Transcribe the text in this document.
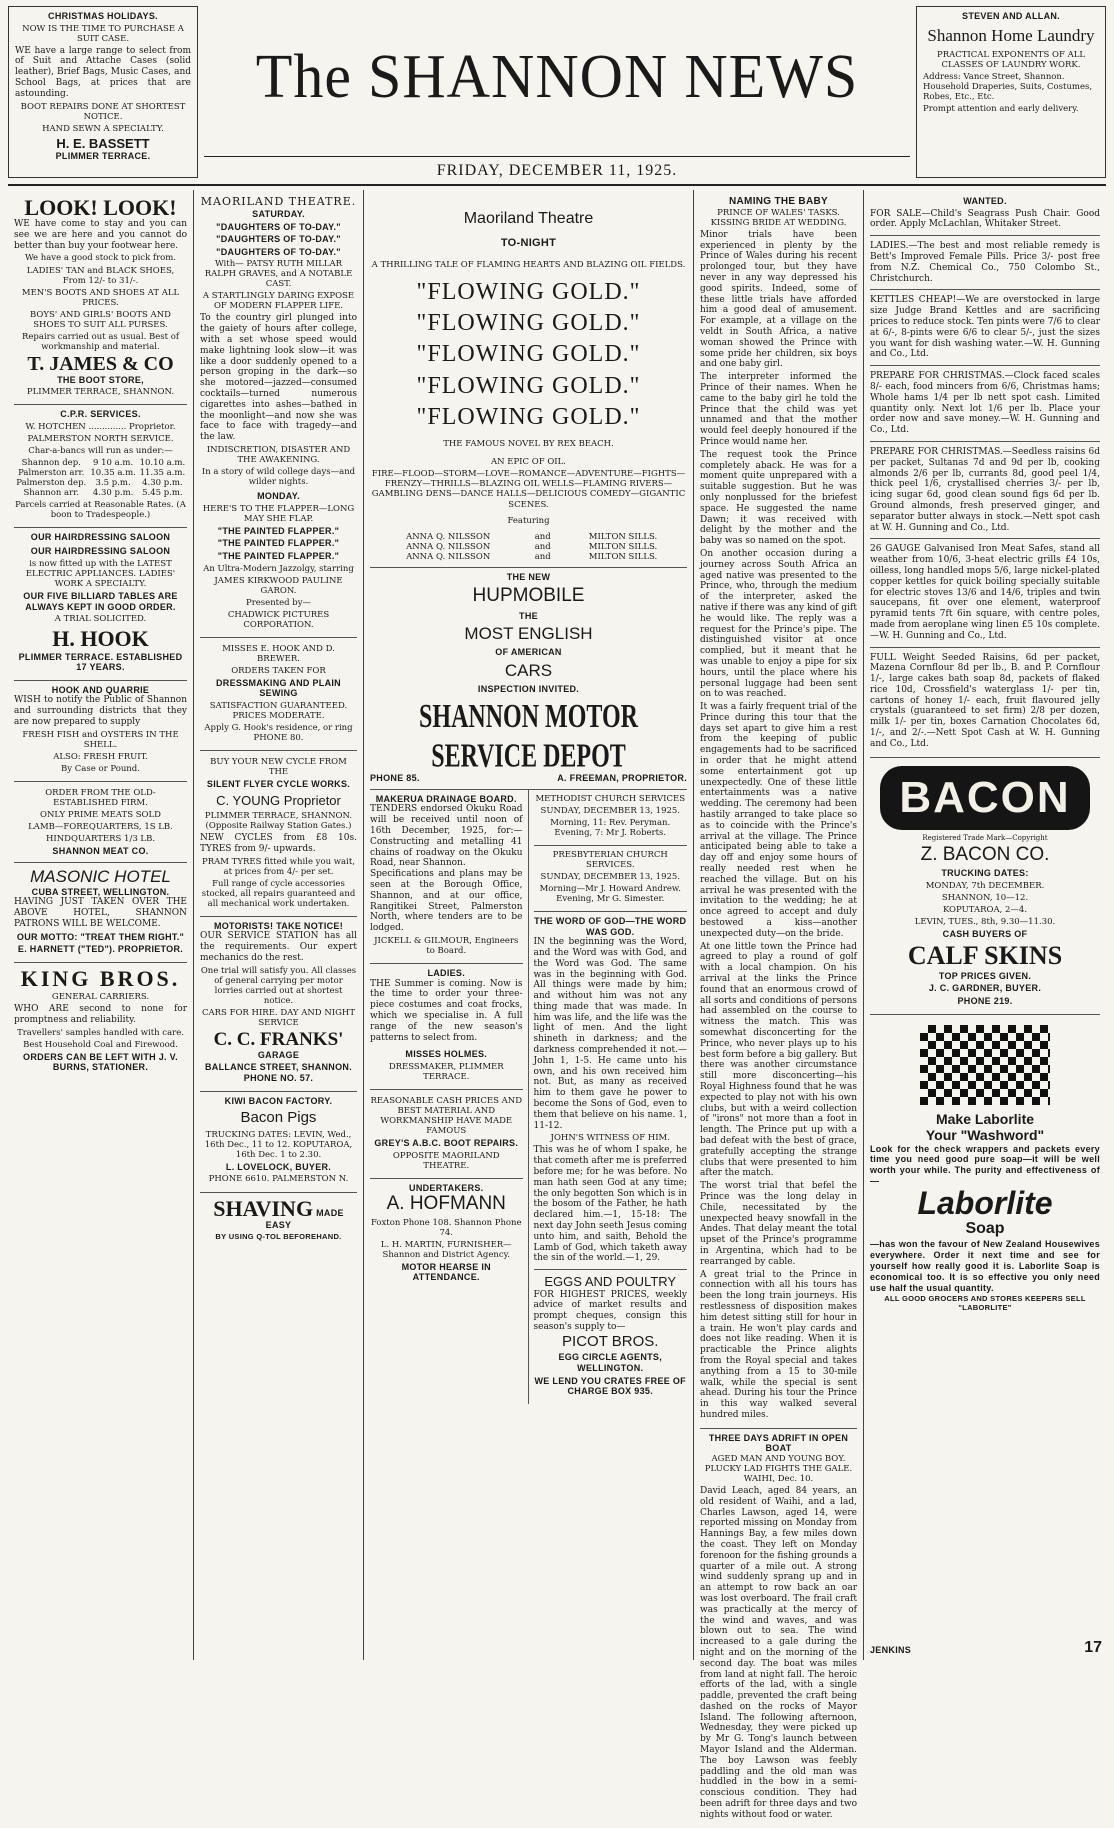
CHRISTMAS HOLIDAYS.
NOW IS THE TIME TO PURCHASE A SUIT CASE.
WE have a large range to select from of Suit and Attache Cases (solid leather), Brief Bags, Music Cases, and School Bags, at prices that are astounding.
BOOT REPAIRS DONE AT SHORTEST NOTICE.
HAND SEWN A SPECIALTY.
H. E. BASSETT
PLIMMER TERRACE.
The SHANNON NEWS
FRIDAY, DECEMBER 11, 1925.
STEVEN AND ALLAN.
Shannon Home Laundry
PRACTICAL EXPONENTS OF ALL CLASSES OF LAUNDRY WORK.
Address: Vance Street, Shannon. Household Draperies, Suits, Costumes, Robes, Etc., Etc.
Prompt attention and early delivery.
LOOK! LOOK!
WE have come to stay and you can see we are here and you cannot do better than buy your footwear here.

We have a good stock to pick from.

LADIES' TAN and BLACK SHOES, From 12/- to 31/-.

MEN'S BOOTS AND SHOES AT ALL PRICES.

BOYS' AND GIRLS' BOOTS AND SHOES TO SUIT ALL PURSES.

Repairs carried out as usual. Best of workmanship and material.

T. JAMES & CO
THE BOOT STORE,

PLIMMER TERRACE, SHANNON.

C.P.R. SERVICES.

W. HOTCHEN .............. Proprietor.

PALMERSTON NORTH SERVICE.

Char-a-bancs will run as under:—

Shannon dep.	9 10 a.m.	10.10 a.m.
Palmerston arr.	10.35 a.m.	11.35 a.m.
Palmerston dep.	3.5 p.m.	4.30 p.m.
Shannon arr.	4.30 p.m.	5.45 p.m.

Parcels carried at Reasonable Rates. (A boon to Tradespeople.)

OUR HAIRDRESSING SALOON
OUR HAIRDRESSING SALOON

is now fitted up with the LATEST ELECTRIC APPLIANCES. LADIES' WORK A SPECIALTY.

OUR FIVE BILLIARD TABLES ARE ALWAYS KEPT IN GOOD ORDER.

A TRIAL SOLICITED.

H. HOOK

PLIMMER TERRACE. ESTABLISHED 17 YEARS.

HOOK AND QUARRIE
WISH to notify the Public of Shannon and surrounding districts that they are now prepared to supply

FRESH FISH and OYSTERS IN THE SHELL.

ALSO: FRESH FRUIT.

By Case or Pound.

ORDER FROM THE OLD-ESTABLISHED FIRM.

ONLY PRIME MEATS SOLD

LAMB—FOREQUARTERS, 1S LB.

HINDQUARTERS 1/3 LB.

SHANNON MEAT CO.
MASONIC HOTEL
CUBA STREET, WELLINGTON.
HAVING JUST TAKEN OVER THE ABOVE HOTEL, SHANNON PATRONS WILL BE WELCOME.

OUR MOTTO: "TREAT THEM RIGHT."

E. HARNETT ("TED"). PROPRIETOR.

KING BROS.

GENERAL CARRIERS.

WHO ARE second to none for promptness and reliability.

Travellers' samples handled with care.

Best Household Coal and Firewood.

ORDERS CAN BE LEFT WITH J. V. BURNS, STATIONER.

MAORILAND THEATRE.
SATURDAY.
"DAUGHTERS OF TO-DAY."
"DAUGHTERS OF TO-DAY."
"DAUGHTERS OF TO-DAY."

With— PATSY RUTH MILLAR RALPH GRAVES, and A NOTABLE CAST.

A STARTLINGLY DARING EXPOSE OF MODERN FLAPPER LIFE.

To the country girl plunged into the gaiety of hours after college, with a set whose speed would make lightning look slow—it was like a door suddenly opened to a person groping in the dark—so she motored—jazzed—consumed cocktails—turned numerous cigarettes into ashes—bathed in the moonlight—and now she was face to face with tragedy—and the law.

INDISCRETION, DISASTER AND THE AWAKENING.

In a story of wild college days—and wilder nights.

MONDAY.

HERE'S TO THE FLAPPER—LONG MAY SHE FLAP.

"THE PAINTED FLAPPER."
"THE PAINTED FLAPPER."
"THE PAINTED FLAPPER."

An Ultra-Modern Jazzolgy, starring

JAMES KIRKWOOD PAULINE GARON.

Presented by—

CHADWICK PICTURES CORPORATION.

MISSES E. HOOK AND D. BREWER.

ORDERS TAKEN FOR

DRESSMAKING AND PLAIN SEWING

SATISFACTION GUARANTEED. PRICES MODERATE.

Apply G. Hook's residence, or ring PHONE 80.

BUY YOUR NEW CYCLE FROM THE

SILENT FLYER CYCLE WORKS.
C. YOUNG Proprietor

PLIMMER TERRACE, SHANNON. (Opposite Railway Station Gates.)

NEW CYCLES from £8 10s. TYRES from 9/- upwards.

PRAM TYRES fitted while you wait, at prices from 4/- per set.

Full range of cycle accessories stocked, all repairs guaranteed and all mechanical work undertaken.

MOTORISTS! TAKE NOTICE!
OUR SERVICE STATION has all the requirements. Our expert mechanics do the rest.

One trial will satisfy you. All classes of general carrying per motor lorries carried out at shortest notice.

CARS FOR HIRE. DAY AND NIGHT SERVICE

C. C. FRANKS'
GARAGE

BALLANCE STREET, SHANNON. PHONE NO. 57.

KIWI BACON FACTORY.
Bacon Pigs

TRUCKING DATES: LEVIN, Wed., 16th Dec., 11 to 12. KOPUTAROA, 16th Dec. 1 to 2.30.

L. LOVELOCK, BUYER.

PHONE 6610. PALMERSTON N.

SHAVING MADE EASY

BY USING Q-TOL BEFOREHAND.

Maoriland Theatre
TO-NIGHT

A THRILLING TALE OF FLAMING HEARTS AND BLAZING OIL FIELDS.

"FLOWING GOLD."
"FLOWING GOLD."
"FLOWING GOLD."
"FLOWING GOLD."
"FLOWING GOLD."

THE FAMOUS NOVEL BY REX BEACH.

AN EPIC OF OIL.

FIRE—FLOOD—STORM—LOVE—ROMANCE—ADVENTURE—FIGHTS—FRENZY—THRILLS—BLAZING OIL WELLS—FLAMING RIVERS—GAMBLING DENS—DANCE HALLS—DELICIOUS COMEDY—GIGANTIC SCENES.

Featuring

ANNA Q. NILSSON	and	MILTON SILLS.
ANNA Q. NILSSON	and	MILTON SILLS.
ANNA Q. NILSSON	and	MILTON SILLS.
THE NEW
HUPMOBILE
THE
MOST ENGLISH
OF AMERICAN
CARS
INSPECTION INVITED.
SHANNON MOTOR SERVICE DEPOT
PHONE 85.	A. FREEMAN, PROPRIETOR.
MAKERUA DRAINAGE BOARD.
TENDERS endorsed Okuku Road will be received until noon of 16th December, 1925, for:—Constructing and metalling 41 chains of roadway on the Okuku Road, near Shannon.
Specifications and plans may be seen at the Borough Office, Shannon, and at our office, Rangitikei Street, Palmerston North, where tenders are to be lodged.

JICKELL & GILMOUR, Engineers to Board.

LADIES.
THE Summer is coming. Now is the time to order your three-piece costumes and coat frocks, which we specialise in. A full range of the new season's patterns to select from.
MISSES HOLMES.

DRESSMAKER, PLIMMER TERRACE.

REASONABLE CASH PRICES AND BEST MATERIAL AND WORKMANSHIP HAVE MADE FAMOUS

GREY'S A.B.C. BOOT REPAIRS.

OPPOSITE MAORILAND THEATRE.

UNDERTAKERS.
A. HOFMANN

Foxton Phone 108. Shannon Phone 74.

L. H. MARTIN, FURNISHER—Shannon and District Agency.

MOTOR HEARSE IN ATTENDANCE.

METHODIST CHURCH SERVICES

SUNDAY, DECEMBER 13, 1925.

Morning, 11: Rev. Peryman. Evening, 7: Mr J. Roberts.

PRESBYTERIAN CHURCH SERVICES.

SUNDAY, DECEMBER 13, 1925.

Morning—Mr J. Howard Andrew. Evening, Mr G. Simester.

THE WORD OF GOD—THE WORD WAS GOD.
IN the beginning was the Word, and the Word was with God, and the Word was God. The same was in the beginning with God. All things were made by him; and without him was not any thing made that was made. In him was life, and the life was the light of men. And the light shineth in darkness; and the darkness comprehended it not.—John 1, 1-5. He came unto his own, and his own received him not. But, as many as received him to them gave he power to become the Sons of God, even to them that believe on his name. 1, 11-12.

JOHN'S WITNESS OF HIM.

This was he of whom I spake, he that cometh after me is preferred before me; for he was before. No man hath seen God at any time; the only begotten Son which is in the bosom of the Father, he hath declared him.—1, 15-18: The next day John seeth Jesus coming unto him, and saith, Behold the Lamb of God, which taketh away the sin of the world.—1, 29.
EGGS AND POULTRY
FOR HIGHEST PRICES, weekly advice of market results and prompt cheques, consign this season's supply to—
PICOT BROS.

EGG CIRCLE AGENTS, WELLINGTON.

WE LEND YOU CRATES FREE OF CHARGE BOX 935.

NAMING THE BABY
PRINCE OF WALES' TASKS.
KISSING BRIDE AT WEDDING.

Minor trials have been experienced in plenty by the Prince of Wales during his recent prolonged tour, but they have never in any way depressed his good spirits. Indeed, some of these little trials have afforded him a good deal of amusement. For example, at a village on the veldt in South Africa, a native woman showed the Prince with some pride her children, six boys and one baby girl.

The interpreter informed the Prince of their names. When he came to the baby girl he told the Prince that the child was yet unnamed and that the mother would feel deeply honoured if the Prince would name her.

The request took the Prince completely aback. He was for a moment quite unprepared with a suitable suggestion. But he was only nonplussed for the briefest space. He suggested the name Dawn; it was received with delight by the mother and the baby was so named on the spot.

On another occasion during a journey across South Africa an aged native was presented to the Prince, who, through the medium of the interpreter, asked the native if there was any kind of gift he would like. The reply was a request for the Prince's pipe. The distinguished visitor at once complied, but it meant that he was unable to enjoy a pipe for six hours, until the place where his personal luggage had been sent on to was reached.

It was a fairly frequent trial of the Prince during this tour that the days set apart to give him a rest from the keeping of public engagements had to be sacrificed in order that he might attend some entertainment got up unexpectedly. One of these little entertainments was a native wedding. The ceremony had been hastily arranged to take place so as to coincide with the Prince's arrival at the village. The Prince anticipated being able to take a day off and enjoy some hours of really needed rest when he reached the village. But on his arrival he was presented with the invitation to the wedding; he at once agreed to accept and duly bestowed a kiss—another unexpected duty—on the bride.

At one little town the Prince had agreed to play a round of golf with a local champion. On his arrival at the links the Prince found that an enormous crowd of all sorts and conditions of persons had assembled on the course to witness the match. This was somewhat disconcerting for the Prince, who never plays up to his best form before a big gallery. But there was another circumstance still more disconcerting—his Royal Highness found that he was expected to play not with his own clubs, but with a weird collection of "irons" not more than a foot in length. The Prince put up with a bad defeat with the best of grace, gratefully accepting the strange clubs that were presented to him after the match.

The worst trial that befel the Prince was the long delay in Chile, necessitated by the unexpected heavy snowfall in the Andes. That delay meant the total upset of the Prince's programme in Argentina, which had to be rearranged by cable.

A great trial to the Prince in connection with all his tours has been the long train journeys. His restlessness of disposition makes him detest sitting still for hour in a train. He won't play cards and does not like reading. When it is practicable the Prince alights from the Royal special and takes anything from a 15 to 30-mile walk, while the special is sent ahead. During his tour the Prince in this way walked several hundred miles.

THREE DAYS ADRIFT IN OPEN BOAT
AGED MAN AND YOUNG BOY.
PLUCKY LAD FIGHTS THE GALE.
WAIHI, Dec. 10.

David Leach, aged 84 years, an old resident of Waihi, and a lad, Charles Lawson, aged 14, were reported missing on Monday from Hannings Bay, a few miles down the coast. They left on Monday forenoon for the fishing grounds a quarter of a mile out. A strong wind suddenly sprang up and in an attempt to row back an oar was lost overboard. The frail craft was practically at the mercy of the wind and waves, and was blown out to sea. The wind increased to a gale during the night and on the morning of the second day. The boat was miles from land at night fall. The heroic efforts of the lad, with a single paddle, prevented the craft being dashed on the rocks of Mayor Island. The following afternoon, Wednesday, they were picked up by Mr G. Tong's launch between Mayor Island and the Alderman. The boy Lawson was feebly paddling and the old man was huddled in the bow in a semi-conscious condition. They had been adrift for three days and two nights without food or water.

WANTED.

FOR SALE—Child's Seagrass Push Chair. Good order. Apply McLachlan, Whitaker Street.

LADIES.—The best and most reliable remedy is Bett's Improved Female Pills. Price 3/- post free from N.Z. Chemical Co., 750 Colombo St., Christchurch.

KETTLES CHEAP!—We are overstocked in large size Judge Brand Kettles and are sacrificing prices to reduce stock. Ten pints were 7/6 to clear at 6/-, 8-pints were 6/6 to clear 5/-, just the sizes you want for dish washing water.—W. H. Gunning and Co., Ltd.

PREPARE FOR CHRISTMAS.—Clock faced scales 8/- each, food mincers from 6/6, Christmas hams; Whole hams 1/4 per lb nett spot cash. Limited quantity only. Next lot 1/6 per lb. Place your order now and save money.—W. H. Gunning and Co., Ltd.

PREPARE FOR CHRISTMAS.—Seedless raisins 6d per packet, Sultanas 7d and 9d per lb, cooking almonds 2/6 per lb, currants 8d, good peel 1/4, thick peel 1/6, crystallised cherries 3/- per lb, icing sugar 6d, good clean sound figs 6d per lb. Ground almonds, fresh preserved ginger, and separator butter always in stock.—Nett spot cash at W. H. Gunning and Co., Ltd.

26 GAUGE Galvanised Iron Meat Safes, stand all weather from 10/6, 3-heat electric grills £4 10s, oilless, long handled mops 5/6, large nickel-plated copper kettles for quick boiling specially suitable for electric stoves 13/6 and 14/6, triples and twin saucepans, fit over one element, waterproof pyramid tents 7ft 6in square, with centre poles, made from aeroplane wing linen £5 10s complete.—W. H. Gunning and Co., Ltd.

FULL Weight Seeded Raisins, 6d per packet, Mazena Cornflour 8d per lb., B. and P. Cornflour 1/-, large cakes bath soap 8d, packets of flaked rice 10d, Crossfield's waterglass 1/- per tin, cartons of honey 1/- each, fruit flavoured jelly crystals (guaranteed to set firm) 2/8 per dozen, milk 1/- per tin, boxes Carnation Chocolates 6d, 1/-, and 2/-.—Nett Spot Cash at W. H. Gunning and Co., Ltd.

BACON

Registered Trade Mark—Copyright

Z. BACON CO.

TRUCKING DATES:

MONDAY, 7th DECEMBER.

SHANNON, 10—12.

KOPUTAROA, 2—4.

LEVIN, TUES., 8th, 9.30—11.30.

CASH BUYERS OF

CALF SKINS

TOP PRICES GIVEN.

J. C. GARDNER, BUYER.

PHONE 219.

Make Laborlite
Your "Washword"
Look for the check wrappers and packets every time you need good pure soap—it will be well worth your while. The purity and effectiveness of—
Laborlite
Soap
—has won the favour of New Zealand Housewives everywhere. Order it next time and see for yourself how really good it is. Laborlite Soap is economical too. It is so effective you only need use half the usual quantity.

ALL GOOD GROCERS AND STORES KEEPERS SELL "LABORLITE"

JENKINS	17
